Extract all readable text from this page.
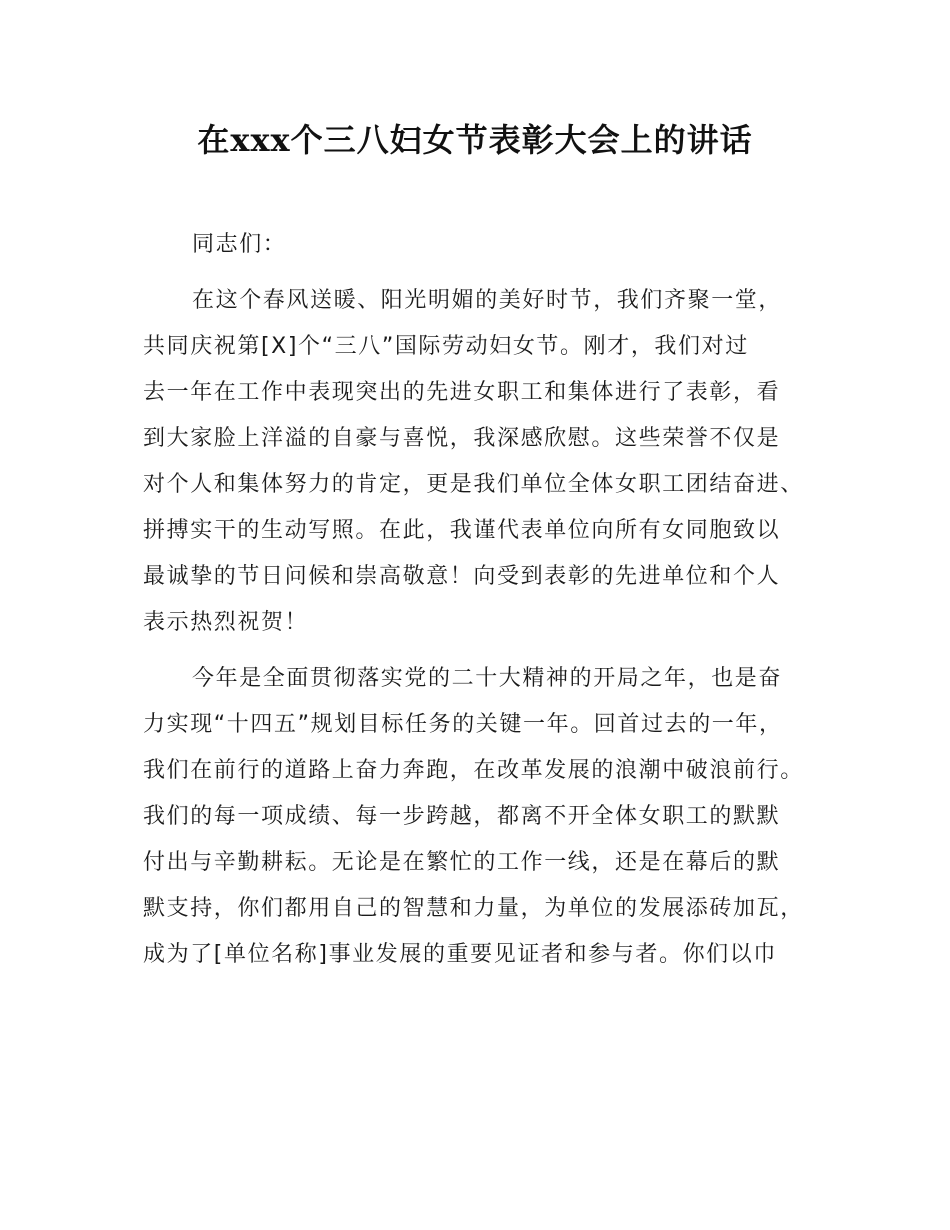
在xxx个三八妇女节表彰大会上的讲话

同志们：

在这个春风送暖、阳光明媚的美好时节，我们齐聚一堂，
共同庆祝第[X]个“三八”国际劳动妇女节。刚才，我们对过
去一年在工作中表现突出的先进女职工和集体进行了表彰，看
到大家脸上洋溢的自豪与喜悦，我深感欣慰。这些荣誉不仅是
对个人和集体努力的肯定，更是我们单位全体女职工团结奋进、
拼搏实干的生动写照。在此，我谨代表单位向所有女同胞致以
最诚挚的节日问候和崇高敬意！向受到表彰的先进单位和个人
表示热烈祝贺！

今年是全面贯彻落实党的二十大精神的开局之年，也是奋
力实现“十四五”规划目标任务的关键一年。回首过去的一年，
我们在前行的道路上奋力奔跑，在改革发展的浪潮中破浪前行。
我们的每一项成绩、每一步跨越，都离不开全体女职工的默默
付出与辛勤耕耘。无论是在繁忙的工作一线，还是在幕后的默
默支持，你们都用自己的智慧和力量，为单位的发展添砖加瓦，
成为了[单位名称]事业发展的重要见证者和参与者。你们以巾
